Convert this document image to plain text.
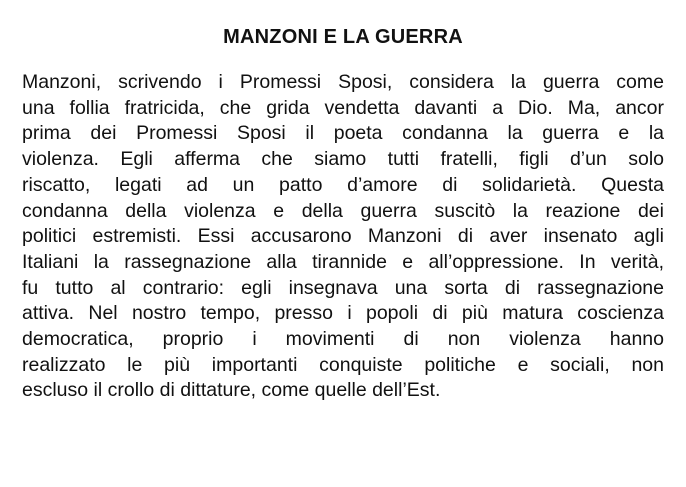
MANZONI E LA GUERRA

Manzoni, scrivendo i Promessi Sposi, considera la guerra come
una follia fratricida, che grida vendetta davanti a Dio. Ma, ancor
prima dei Promessi Sposi il poeta condanna la guerra e la
violenza. Egli afferma che siamo tutti fratelli, figli d’un solo
riscatto, legati ad un patto d’amore di solidarietà. Questa
condanna della violenza e della guerra suscitò la reazione dei
politici estremisti. Essi accusarono Manzoni di aver insenato agli
Italiani la rassegnazione alla tirannide e all’oppressione. In verità,
fu tutto al contrario: egli insegnava una sorta di rassegnazione
attiva. Nel nostro tempo, presso i popoli di più matura coscienza
democratica, proprio i movimenti di non violenza hanno
realizzato le più importanti conquiste politiche e sociali, non
escluso il crollo di dittature, come quelle dell’Est.
